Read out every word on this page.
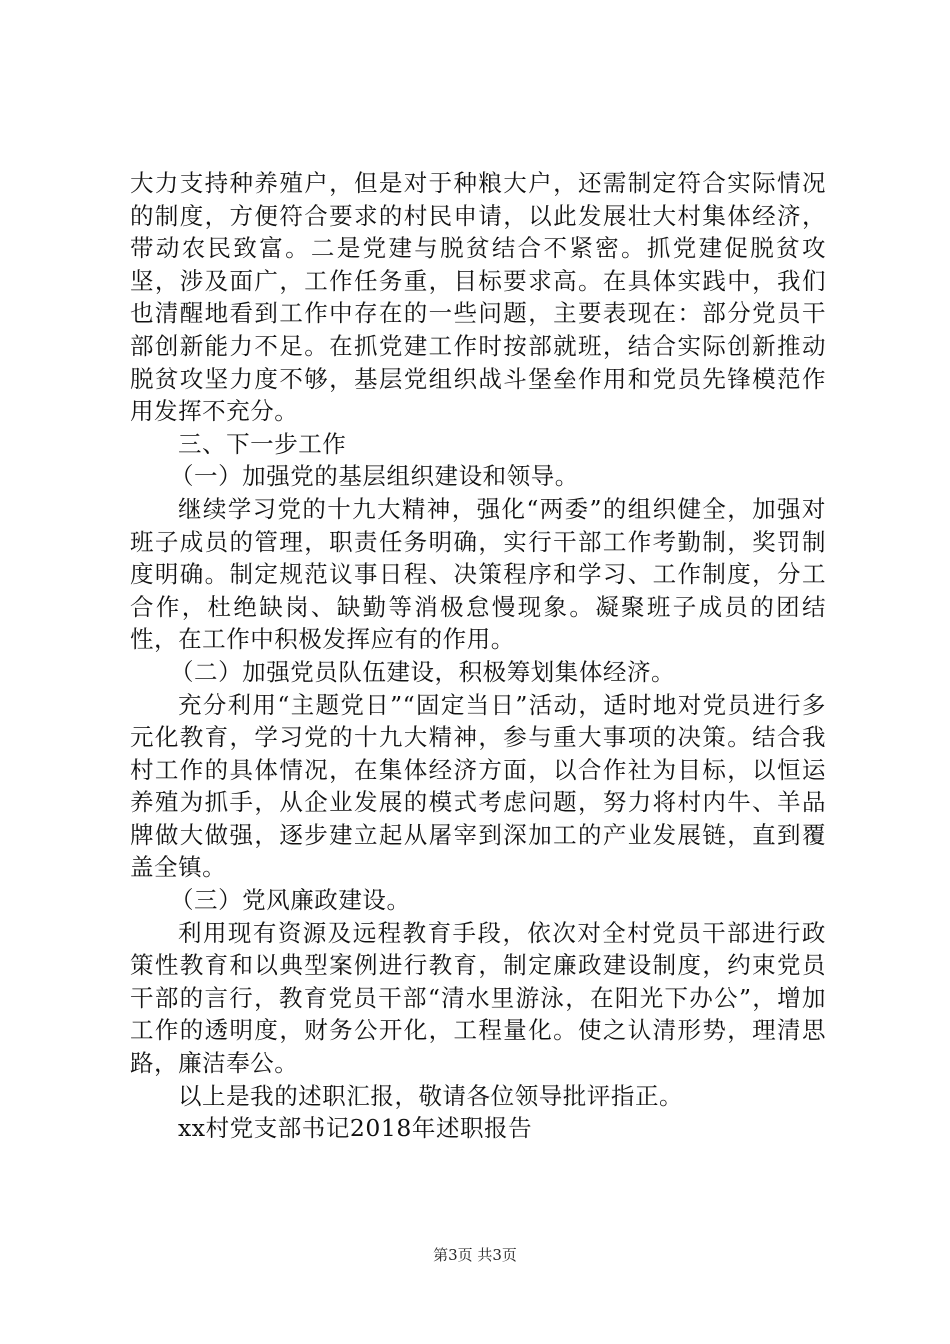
大力支持种养殖户，但是对于种粮大户，还需制定符合实际情况的制度，方便符合要求的村民申请，以此发展壮大村集体经济，带动农民致富。二是党建与脱贫结合不紧密。抓党建促脱贫攻坚，涉及面广，工作任务重，目标要求高。在具体实践中，我们也清醒地看到工作中存在的一些问题，主要表现在：部分党员干部创新能力不足。在抓党建工作时按部就班，结合实际创新推动脱贫攻坚力度不够，基层党组织战斗堡垒作用和党员先锋模范作用发挥不充分。

三、下一步工作

（一）加强党的基层组织建设和领导。

继续学习党的十九大精神，强化“两委”的组织健全，加强对班子成员的管理，职责任务明确，实行干部工作考勤制，奖罚制度明确。制定规范议事日程、决策程序和学习、工作制度，分工合作，杜绝缺岗、缺勤等消极怠慢现象。凝聚班子成员的团结性，在工作中积极发挥应有的作用。

（二）加强党员队伍建设，积极筹划集体经济。

充分利用“主题党日”“固定当日”活动，适时地对党员进行多元化教育，学习党的十九大精神，参与重大事项的决策。结合我村工作的具体情况，在集体经济方面，以合作社为目标，以恒运养殖为抓手，从企业发展的模式考虑问题，努力将村内牛、羊品牌做大做强，逐步建立起从屠宰到深加工的产业发展链，直到覆盖全镇。

（三）党风廉政建设。

利用现有资源及远程教育手段，依次对全村党员干部进行政策性教育和以典型案例进行教育，制定廉政建设制度，约束党员干部的言行，教育党员干部“清水里游泳，在阳光下办公”，增加工作的透明度，财务公开化，工程量化。使之认清形势，理清思路，廉洁奉公。

以上是我的述职汇报，敬请各位领导批评指正。

xx村党支部书记2018年述职报告

第3页 共3页
